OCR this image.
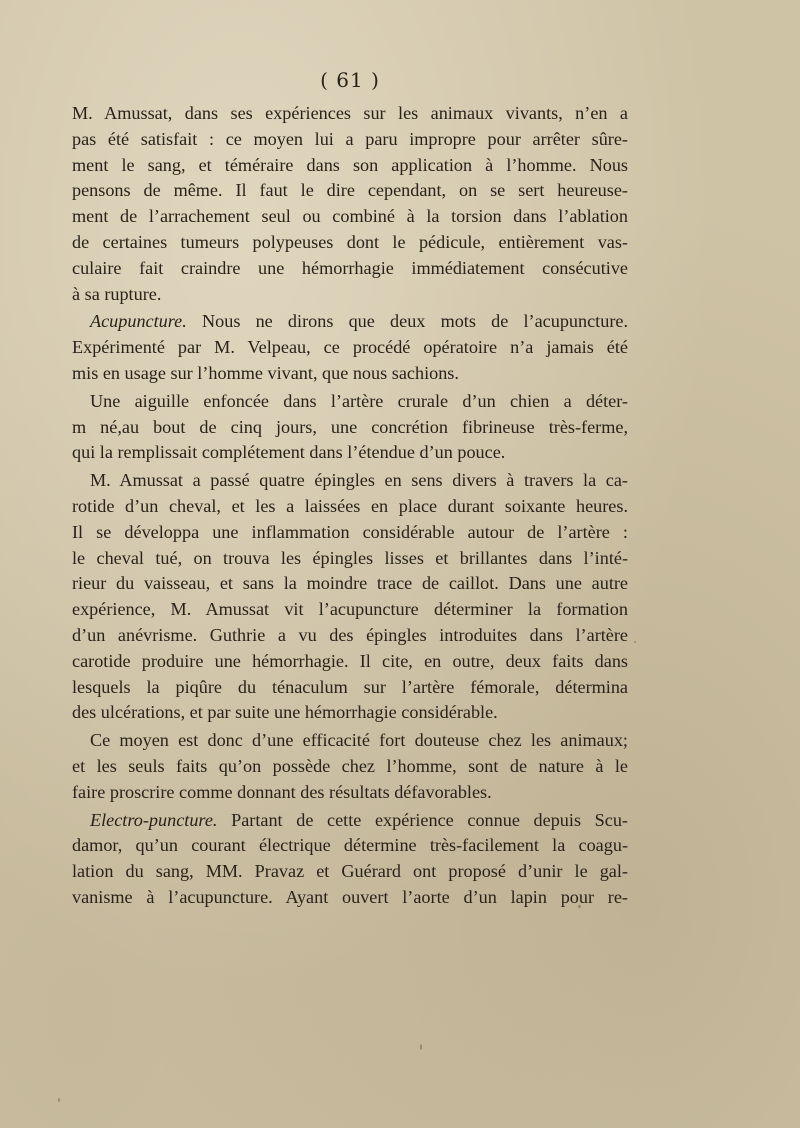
( 61 )
M. Amussat, dans ses expériences sur les animaux vivants, n’en a
pas été satisfait : ce moyen lui a paru impropre pour arrêter sûre-
ment le sang, et téméraire dans son application à l’homme. Nous
pensons de même. Il faut le dire cependant, on se sert heureuse-
ment de l’arrachement seul ou combiné à la torsion dans l’ablation
de certaines tumeurs polypeuses dont le pédicule, entièrement vas-
culaire fait craindre une hémorrhagie immédiatement consécutive
à sa rupture.
Acupuncture. Nous ne dirons que deux mots de l’acupuncture.
Expérimenté par M. Velpeau, ce procédé opératoire n’a jamais été
mis en usage sur l’homme vivant, que nous sachions.
Une aiguille enfoncée dans l’artère crurale d’un chien a déter-
m né,au bout de cinq jours, une concrétion fibrineuse très-ferme,
qui la remplissait complétement dans l’étendue d’un pouce.
M. Amussat a passé quatre épingles en sens divers à travers la ca-
rotide d’un cheval, et les a laissées en place durant soixante heures.
Il se développa une inflammation considérable autour de l’artère :
le cheval tué, on trouva les épingles lisses et brillantes dans l’inté-
rieur du vaisseau, et sans la moindre trace de caillot. Dans une autre
expérience, M. Amussat vit l’acupuncture déterminer la formation
d’un anévrisme. Guthrie a vu des épingles introduites dans l’artère
carotide produire une hémorrhagie. Il cite, en outre, deux faits dans
lesquels la piqûre du ténaculum sur l’artère fémorale, détermina
des ulcérations, et par suite une hémorrhagie considérable.
Ce moyen est donc d’une efficacité fort douteuse chez les animaux;
et les seuls faits qu’on possède chez l’homme, sont de nature à le
faire proscrire comme donnant des résultats défavorables.
Electro-puncture. Partant de cette expérience connue depuis Scu-
damor, qu’un courant électrique détermine très-facilement la coagu-
lation du sang, MM. Pravaz et Guérard ont proposé d’unir le gal-
vanisme à l’acupuncture. Ayant ouvert l’aorte d’un lapin pour re-
